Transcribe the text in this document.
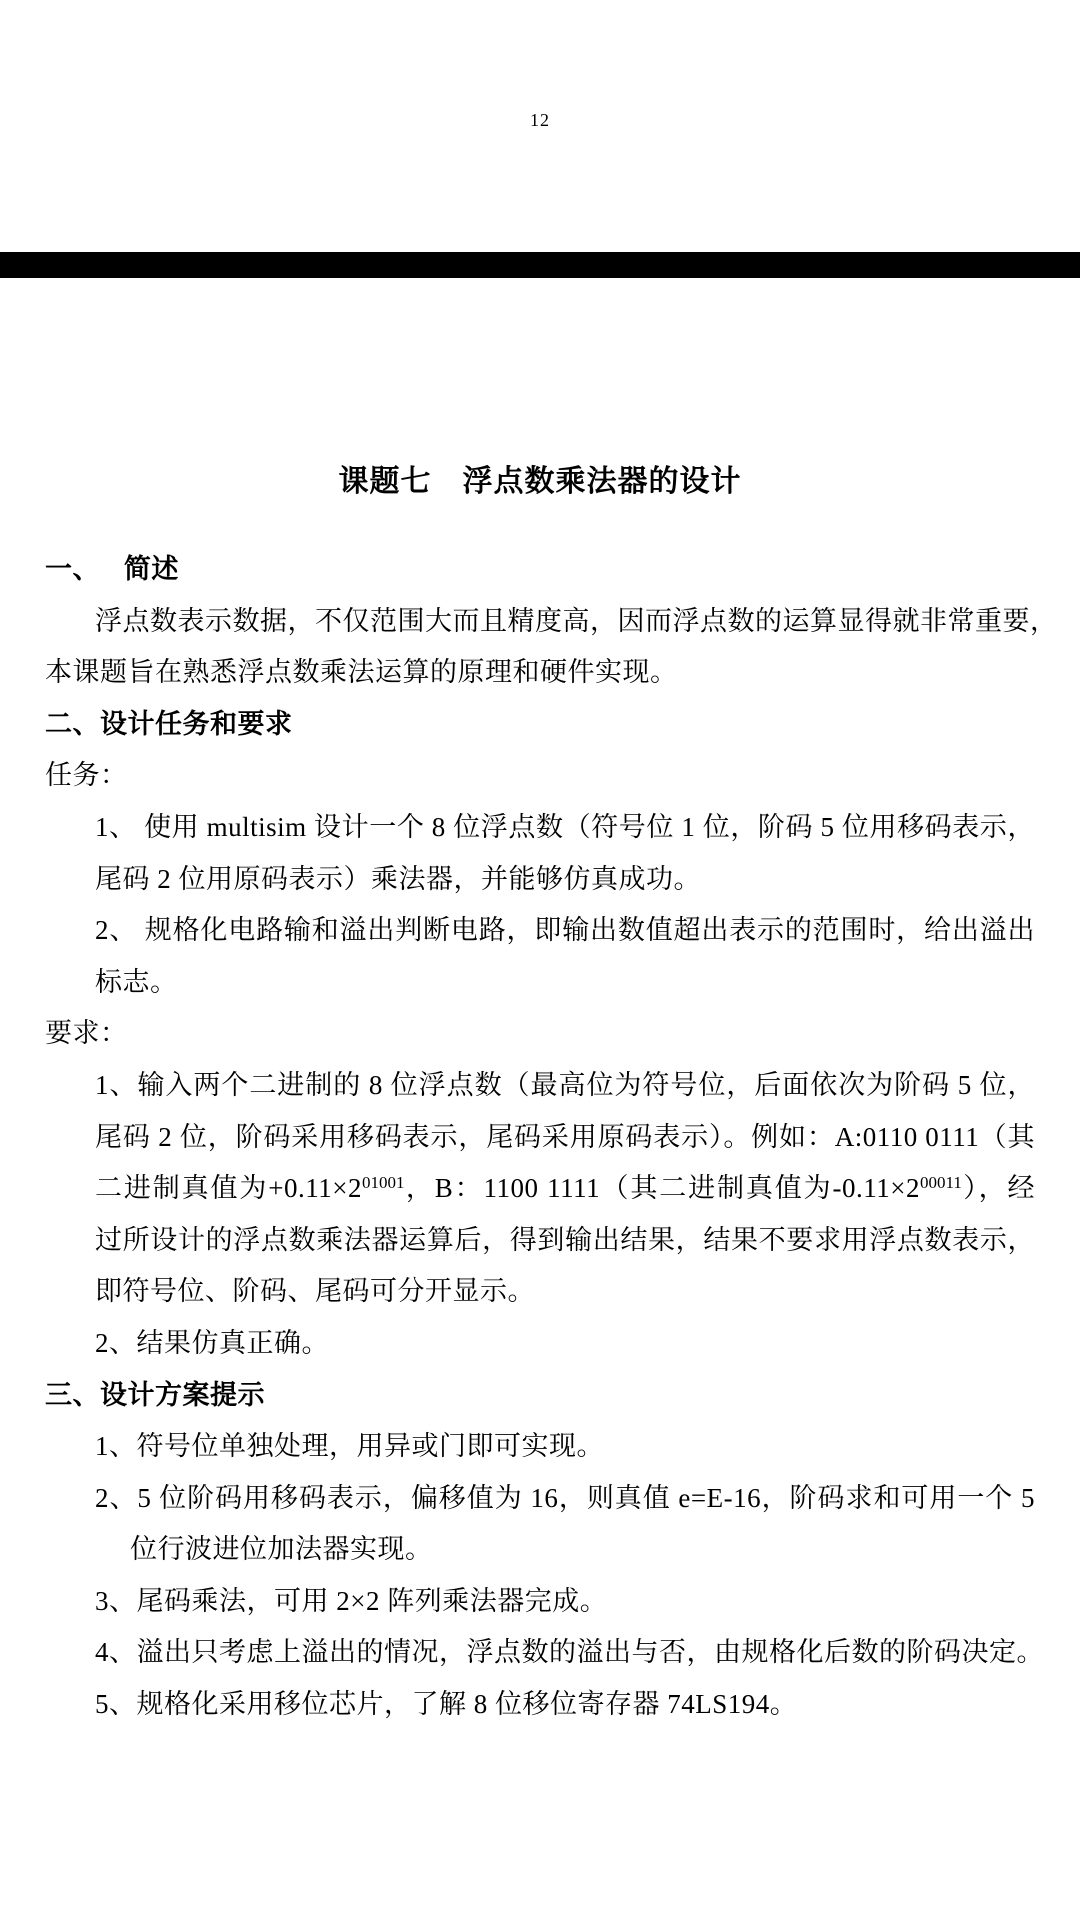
12
课题七　浮点数乘法器的设计
一、　 简述
浮点数表示数据，不仅范围大而且精度高，因而浮点数的运算显得就非常重要，
本课题旨在熟悉浮点数乘法运算的原理和硬件实现。
二、设计任务和要求
任务：
1、 使用 multisim 设计一个 8 位浮点数（符号位 1 位，阶码 5 位用移码表示，
尾码 2 位用原码表示）乘法器，并能够仿真成功。
2、 规格化电路输和溢出判断电路，即输出数值超出表示的范围时，给出溢出
标志。
要求：
1、输入两个二进制的 8 位浮点数（最高位为符号位，后面依次为阶码 5 位，
尾码 2 位，阶码采用移码表示，尾码采用原码表示）。例如：A:0110 0111（其
二进制真值为$+0.11\times 2^{01001}$，B：1100 1111（其二进制真值为$-0.11\times 2^{00011}$），经
过所设计的浮点数乘法器运算后，得到输出结果，结果不要求用浮点数表示，
即符号位、阶码、尾码可分开显示。
2、结果仿真正确。
三、设计方案提示
1、符号位单独处理，用异或门即可实现。
2、5 位阶码用移码表示，偏移值为 16，则真值 e=E-16，阶码求和可用一个 5
位行波进位加法器实现。
3、尾码乘法，可用 2×2 阵列乘法器完成。
4、溢出只考虑上溢出的情况，浮点数的溢出与否，由规格化后数的阶码决定。
5、规格化采用移位芯片，了解 8 位移位寄存器 74LS194。
